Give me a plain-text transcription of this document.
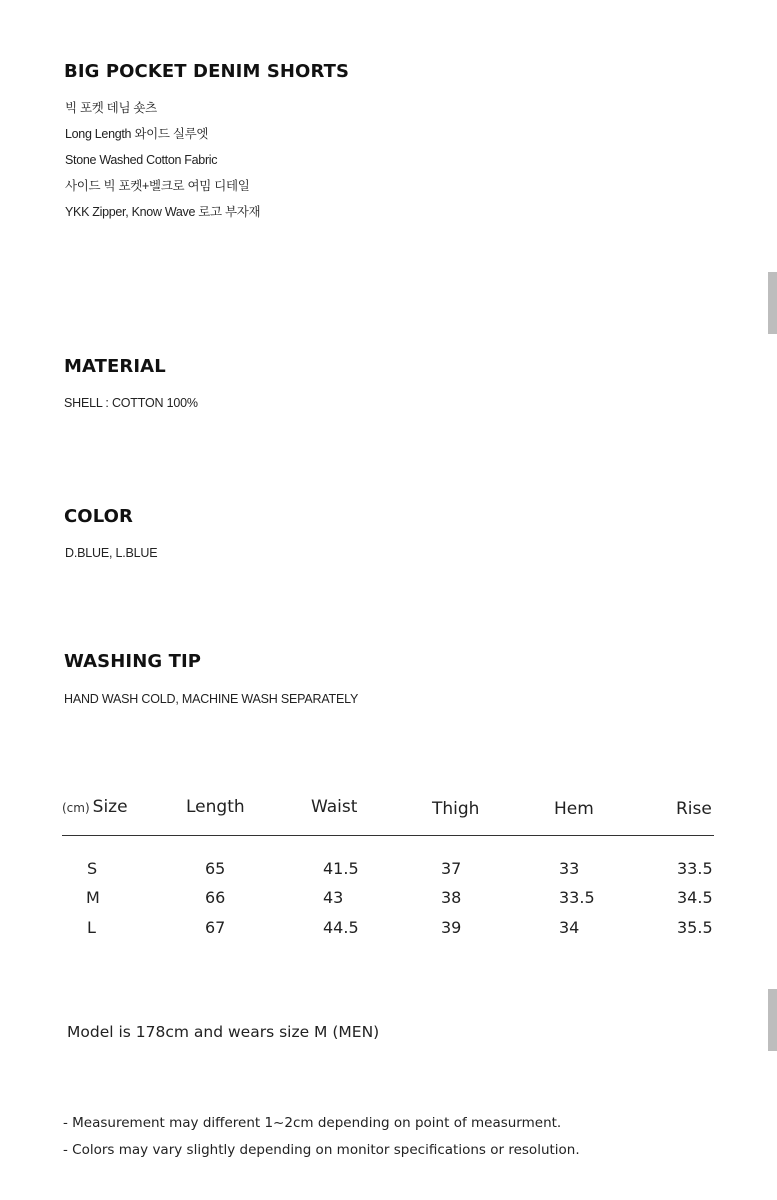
BIG POCKET DENIM SHORTS
빅 포켓 데님 숏츠
Long Length 와이드 실루엣
Stone Washed Cotton Fabric
사이드 빅 포켓+벨크로 여밈 디테일
YKK Zipper, Know Wave 로고 부자재
MATERIAL
SHELL : COTTON 100%
COLOR
D.BLUE, L.BLUE
WASHING TIP
HAND WASH COLD, MACHINE WASH SEPARATELY
(cm) Size	Length	Waist	Thigh	Hem	Rise
S	65	41.5	37	33	33.5
M	66	43	38	33.5	34.5
L	67	44.5	39	34	35.5
Model is 178cm and wears size M (MEN)
- Measurement may different 1~2cm depending on point of measurment.
- Colors may vary slightly depending on monitor specifications or resolution.
